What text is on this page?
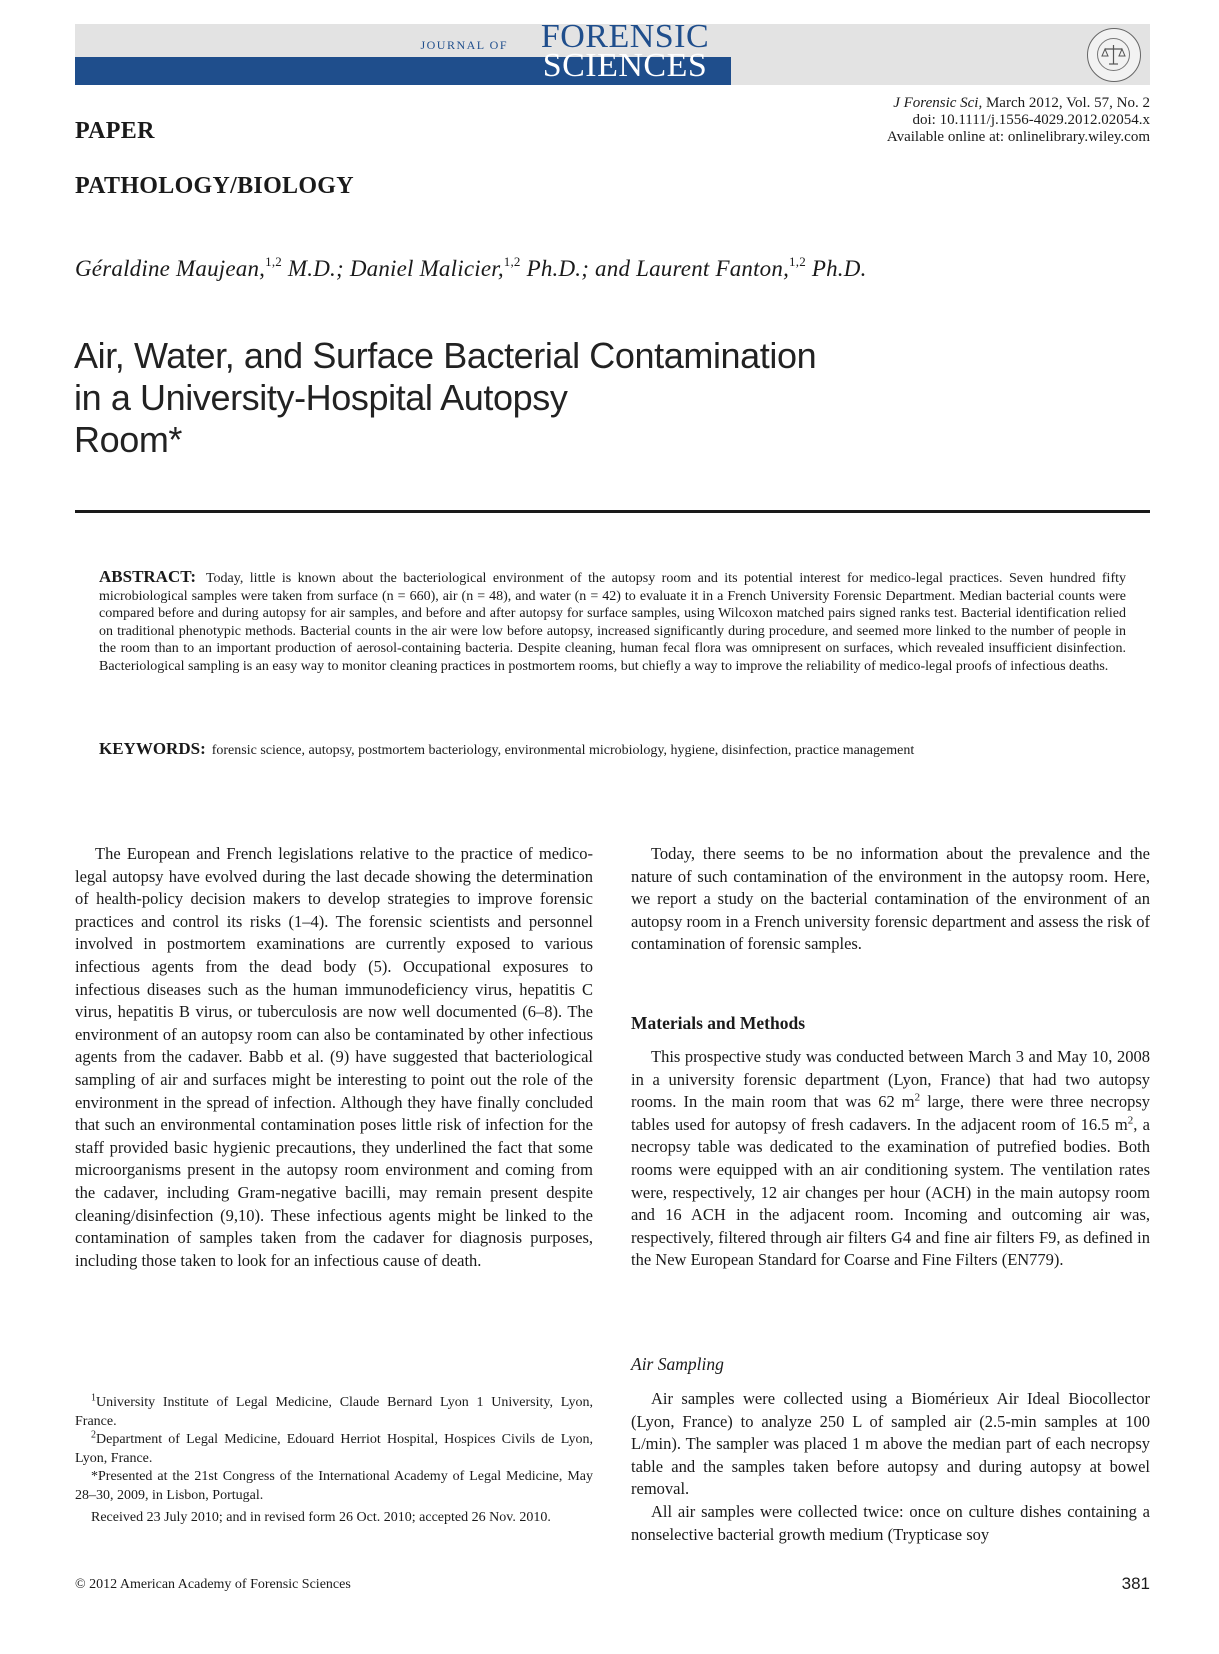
JOURNAL OF FORENSIC
SCIENCES
J Forensic Sci, March 2012, Vol. 57, No. 2
doi: 10.1111/j.1556-4029.2012.02054.x
Available online at: onlinelibrary.wiley.com
PAPER
PATHOLOGY/BIOLOGY
Géraldine Maujean,$^{1,2}$ M.D.; Daniel Malicier,$^{1,2}$ Ph.D.; and Laurent Fanton,$^{1,2}$ Ph.D.
Air, Water, and Surface Bacterial Contamination
in a University-Hospital Autopsy
Room*
ABSTRACT: Today, little is known about the bacteriological environment of the autopsy room and its potential interest for medico-legal practices. Seven hundred fifty microbiological samples were taken from surface (n = 660), air (n = 48), and water (n = 42) to evaluate it in a French University Forensic Department. Median bacterial counts were compared before and during autopsy for air samples, and before and after autopsy for surface samples, using Wilcoxon matched pairs signed ranks test. Bacterial identification relied on traditional phenotypic methods. Bacterial counts in the air were low before autopsy, increased significantly during procedure, and seemed more linked to the number of people in the room than to an important production of aerosol-containing bacteria. Despite cleaning, human fecal flora was omnipresent on surfaces, which revealed insufficient disinfection. Bacteriological sampling is an easy way to monitor cleaning practices in postmortem rooms, but chiefly a way to improve the reliability of medico-legal proofs of infectious deaths.
KEYWORDS: forensic science, autopsy, postmortem bacteriology, environmental microbiology, hygiene, disinfection, practice management

The European and French legislations relative to the practice of medico-legal autopsy have evolved during the last decade showing the determination of health-policy decision makers to develop strategies to improve forensic practices and control its risks (1–4). The forensic scientists and personnel involved in postmortem examinations are currently exposed to various infectious agents from the dead body (5). Occupational exposures to infectious diseases such as the human immunodeficiency virus, hepatitis C virus, hepatitis B virus, or tuberculosis are now well documented (6–8). The environment of an autopsy room can also be contaminated by other infectious agents from the cadaver. Babb et al. (9) have suggested that bacteriological sampling of air and surfaces might be interesting to point out the role of the environment in the spread of infection. Although they have finally concluded that such an environmental contamination poses little risk of infection for the staff provided basic hygienic precautions, they underlined the fact that some microorganisms present in the autopsy room environment and coming from the cadaver, including Gram-negative bacilli, may remain present despite cleaning/disinfection (9,10). These infectious agents might be linked to the contamination of samples taken from the cadaver for diagnosis purposes, including those taken to look for an infectious cause of death.

Today, there seems to be no information about the prevalence and the nature of such contamination of the environment in the autopsy room. Here, we report a study on the bacterial contamination of the environment of an autopsy room in a French university forensic department and assess the risk of contamination of forensic samples.

Materials and Methods

This prospective study was conducted between March 3 and May 10, 2008 in a university forensic department (Lyon, France) that had two autopsy rooms. In the main room that was 62 $m^2$ large, there were three necropsy tables used for autopsy of fresh cadavers. In the adjacent room of 16.5 $m^2$, a necropsy table was dedicated to the examination of putrefied bodies. Both rooms were equipped with an air conditioning system. The ventilation rates were, respectively, 12 air changes per hour (ACH) in the main autopsy room and 16 ACH in the adjacent room. Incoming and outcoming air was, respectively, filtered through air filters G4 and fine air filters F9, as defined in the New European Standard for Coarse and Fine Filters (EN779).

Air Sampling

Air samples were collected using a Biomérieux Air Ideal Biocollector (Lyon, France) to analyze 250 L of sampled air (2.5-min samples at 100 L/min). The sampler was placed 1 m above the median part of each necropsy table and the samples taken before autopsy and during autopsy at bowel removal.

All air samples were collected twice: once on culture dishes containing a nonselective bacterial growth medium (Trypticase soy

$^1$University Institute of Legal Medicine, Claude Bernard Lyon 1 University, Lyon, France.

$^2$Department of Legal Medicine, Edouard Herriot Hospital, Hospices Civils de Lyon, Lyon, France.

*Presented at the 21st Congress of the International Academy of Legal Medicine, May 28–30, 2009, in Lisbon, Portugal.

Received 23 July 2010; and in revised form 26 Oct. 2010; accepted 26 Nov. 2010.

© 2012 American Academy of Forensic Sciences	381
